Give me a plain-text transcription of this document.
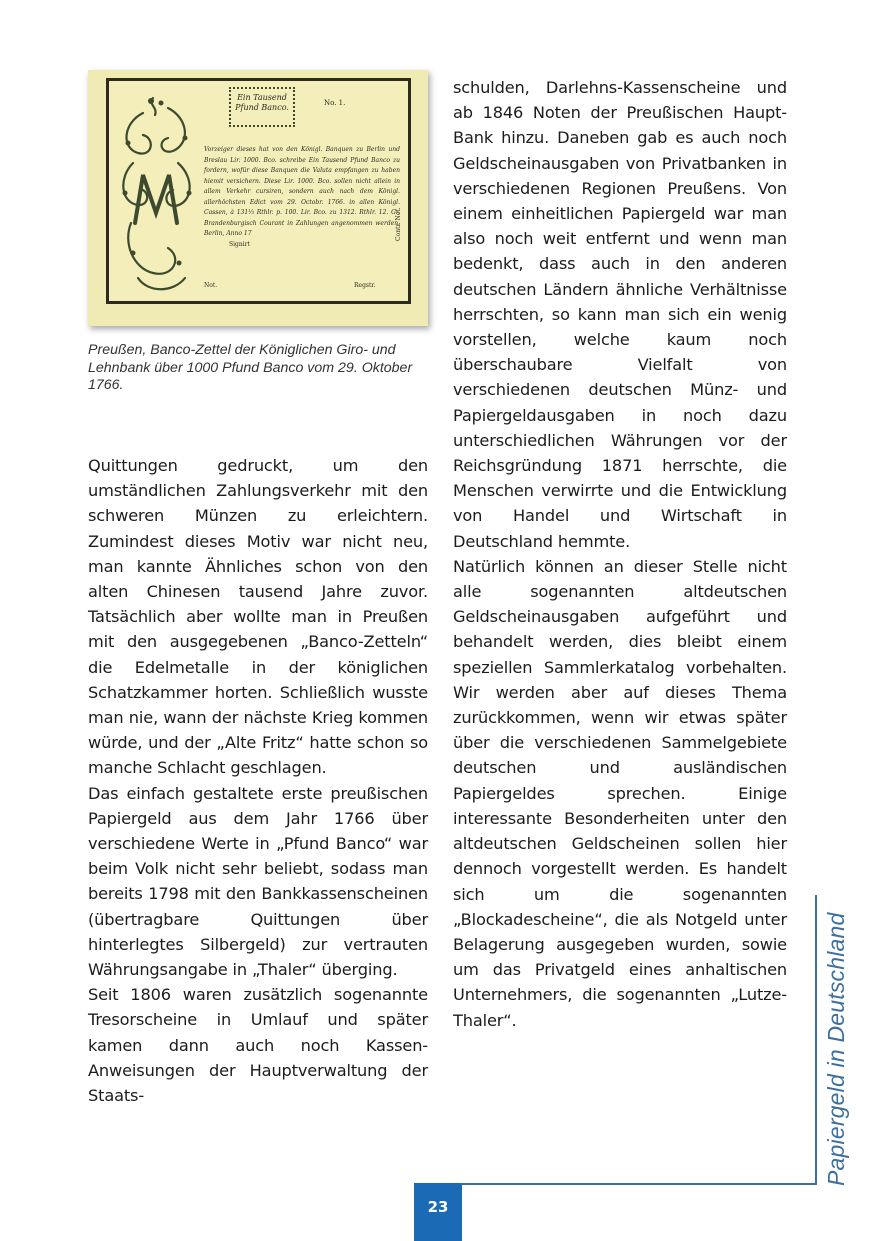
Ein Tausend Pfund Banco.	No. 1.
Vorzeiger dieses hat von den Königl. Banquen zu Berlin und Breslau Lir. 1000. Bco. schreibe Ein Tausend Pfund Banco zu fordern, wofür diese Banquen die Valuta empfangen zu haben hiemit versichern. Diese Lir. 1000. Bco. sollen nicht allein in allem Verkehr cursiren, sondern auch nach dem Königl. allerhöchsten Edict vom 29. Octobr. 1766. in allen Königl. Cassen, à 131⅓ Rthlr. p. 100. Lir. Bco. zu 1312. Rthlr. 12. Gr. Brandenburgisch Courant in Zahlungen angenommen werden. Berlin, Anno 17
Signirt
Not.	Regstr.
Contr. Not.
Preußen, Banco-Zettel der Königlichen Giro- und Lehnbank über 1000 Pfund Banco vom 29. Oktober 1766.

Quittungen gedruckt, um den umständlichen Zahlungsverkehr mit den schweren Münzen zu erleichtern. Zumindest dieses Motiv war nicht neu, man kannte Ähnliches schon von den alten Chinesen tausend Jahre zuvor. Tatsächlich aber wollte man in Preußen mit den ausgegebenen „Banco-Zetteln“ die Edelmetalle in der königlichen Schatzkammer horten. Schließlich wusste man nie, wann der nächste Krieg kommen würde, und der „Alte Fritz“ hatte schon so manche Schlacht geschlagen.

Das einfach gestaltete erste preußischen Papiergeld aus dem Jahr 1766 über verschiedene Werte in „Pfund Banco“ war beim Volk nicht sehr beliebt, sodass man bereits 1798 mit den Bankkassenscheinen (übertragbare Quittungen über hinterlegtes Silbergeld) zur vertrauten Währungsangabe in „Thaler“ überging.

Seit 1806 waren zusätzlich sogenannte Tresorscheine in Umlauf und später kamen dann auch noch Kassen-Anweisungen der Hauptverwaltung der Staats-

schulden, Darlehns-Kassenscheine und ab 1846 Noten der Preußischen Haupt-Bank hinzu. Daneben gab es auch noch Geldscheinausgaben von Privatbanken in verschiedenen Regionen Preußens. Von einem einheitlichen Papiergeld war man also noch weit entfernt und wenn man bedenkt, dass auch in den anderen deutschen Ländern ähnliche Verhältnisse herrschten, so kann man sich ein wenig vorstellen, welche kaum noch überschaubare Vielfalt von verschiedenen deutschen Münz- und Papiergeldausgaben in noch dazu unterschiedlichen Währungen vor der Reichsgründung 1871 herrschte, die Menschen verwirrte und die Entwicklung von Handel und Wirtschaft in Deutschland hemmte.

Natürlich können an dieser Stelle nicht alle sogenannten altdeutschen Geldscheinausgaben aufgeführt und behandelt werden, dies bleibt einem speziellen Sammlerkatalog vorbehalten. Wir werden aber auf dieses Thema zurückkommen, wenn wir etwas später über die verschiedenen Sammelgebiete deutschen und ausländischen Papiergeldes sprechen. Einige interessante Besonderheiten unter den altdeutschen Geldscheinen sollen hier dennoch vorgestellt werden. Es handelt sich um die sogenannten „Blockadescheine“, die als Notgeld unter Belagerung ausgegeben wurden, sowie um das Privatgeld eines anhaltischen Unternehmers, die sogenannten „Lutze-Thaler“.

23
Papiergeld in Deutschland
